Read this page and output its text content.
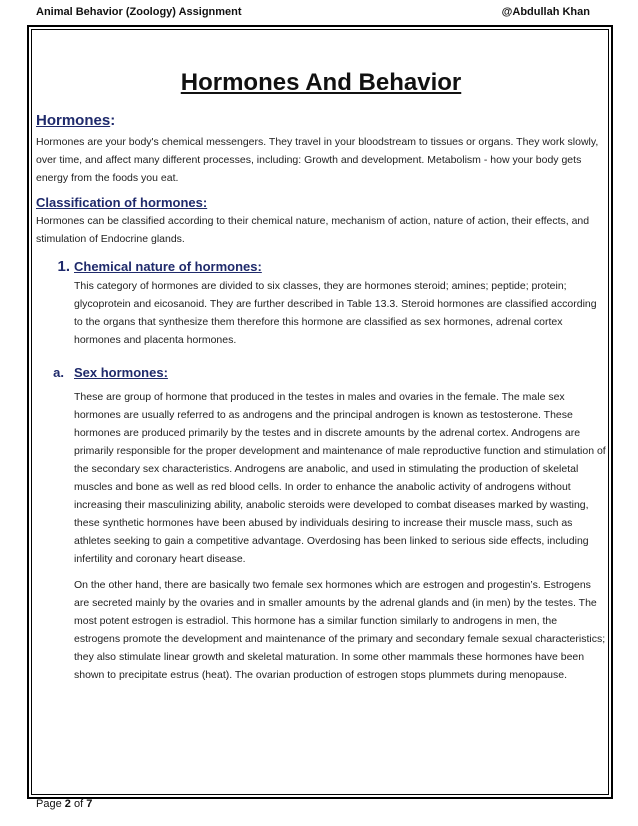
Animal Behavior (Zoology) Assignment	@Abdullah Khan
Hormones And Behavior
Hormones:

Hormones are your body's chemical messengers. They travel in your bloodstream to tissues or organs. They work slowly, over time, and affect many different processes, including: Growth and development. Metabolism - how your body gets energy from the foods you eat.

Classification of hormones:

Hormones can be classified according to their chemical nature, mechanism of action, nature of action, their effects, and stimulation of Endocrine glands.

1. Chemical nature of hormones:

This category of hormones are divided to six classes, they are hormones steroid; amines; peptide; protein; glycoprotein and eicosanoid. They are further described in Table 13.3. Steroid hormones are classified according to the organs that synthesize them therefore this hormone are classified as sex hormones, adrenal cortex hormones and placenta hormones.

a. Sex hormones:

These are group of hormone that produced in the testes in males and ovaries in the female. The male sex hormones are usually referred to as androgens and the principal androgen is known as testosterone. These hormones are produced primarily by the testes and in discrete amounts by the adrenal cortex. Androgens are primarily responsible for the proper development and maintenance of male reproductive function and stimulation of the secondary sex characteristics. Androgens are anabolic, and used in stimulating the production of skeletal muscles and bone as well as red blood cells. In order to enhance the anabolic activity of androgens without increasing their masculinizing ability, anabolic steroids were developed to combat diseases marked by wasting, these synthetic hormones have been abused by individuals desiring to increase their muscle mass, such as athletes seeking to gain a competitive advantage. Overdosing has been linked to serious side effects, including infertility and coronary heart disease.

On the other hand, there are basically two female sex hormones which are estrogen and progestin’s. Estrogens are secreted mainly by the ovaries and in smaller amounts by the adrenal glands and (in men) by the testes. The most potent estrogen is estradiol. This hormone has a similar function similarly to androgens in men, the estrogens promote the development and maintenance of the primary and secondary female sexual characteristics; they also stimulate linear growth and skeletal maturation. In some other mammals these hormones have been shown to precipitate estrus (heat). The ovarian production of estrogen stops plummets during menopause.

Page 2 of 7
